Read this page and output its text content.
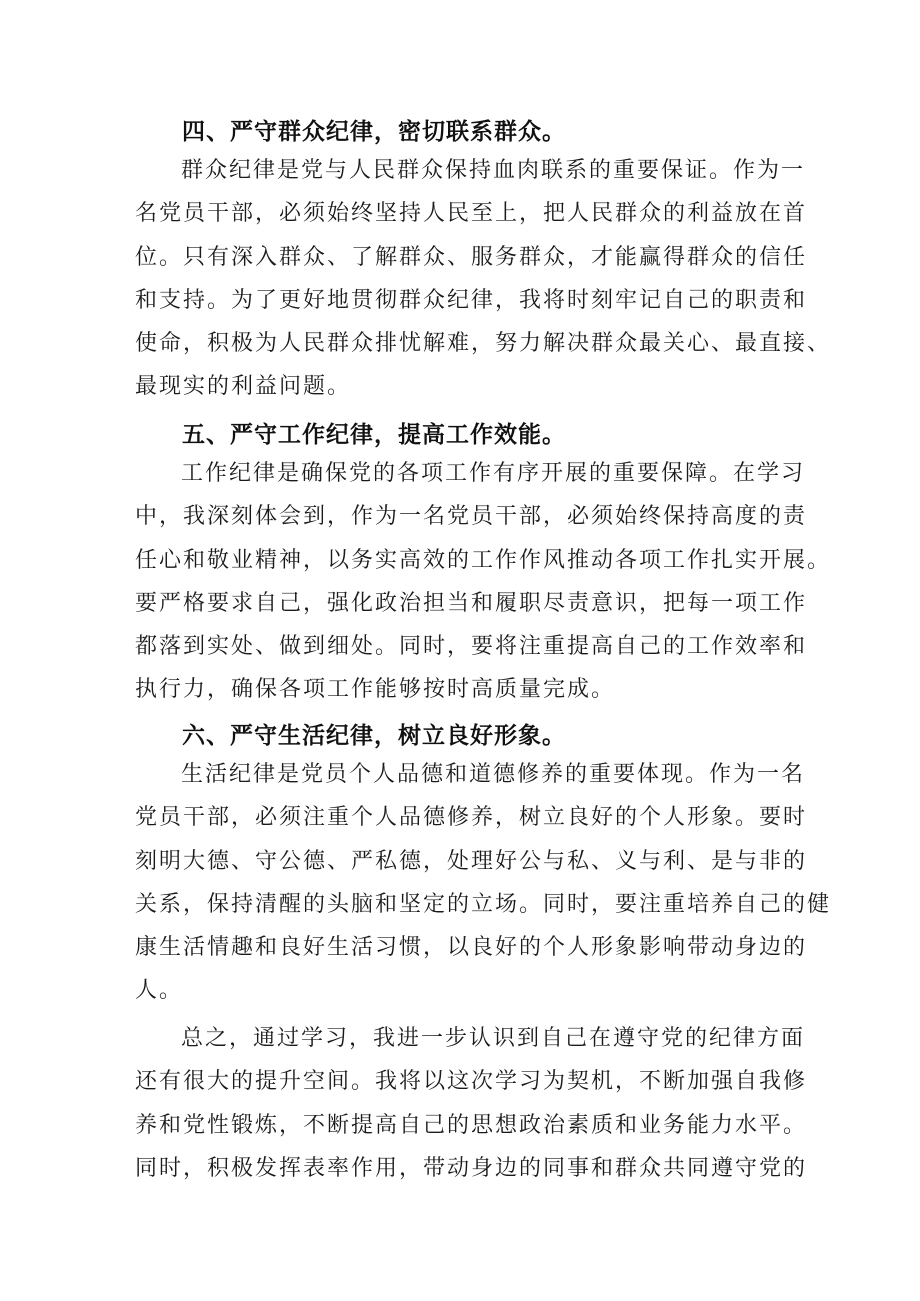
四、严守群众纪律，密切联系群众。
群众纪律是党与人民群众保持血肉联系的重要保证。作为一
名党员干部，必须始终坚持人民至上，把人民群众的利益放在首
位。只有深入群众、了解群众、服务群众，才能赢得群众的信任
和支持。为了更好地贯彻群众纪律，我将时刻牢记自己的职责和
使命，积极为人民群众排忧解难，努力解决群众最关心、最直接、
最现实的利益问题。
五、严守工作纪律，提高工作效能。
工作纪律是确保党的各项工作有序开展的重要保障。在学习
中，我深刻体会到，作为一名党员干部，必须始终保持高度的责
任心和敬业精神，以务实高效的工作作风推动各项工作扎实开展。
要严格要求自己，强化政治担当和履职尽责意识，把每一项工作
都落到实处、做到细处。同时，要将注重提高自己的工作效率和
执行力，确保各项工作能够按时高质量完成。
六、严守生活纪律，树立良好形象。
生活纪律是党员个人品德和道德修养的重要体现。作为一名
党员干部，必须注重个人品德修养，树立良好的个人形象。要时
刻明大德、守公德、严私德，处理好公与私、义与利、是与非的
关系，保持清醒的头脑和坚定的立场。同时，要注重培养自己的健
康生活情趣和良好生活习惯，以良好的个人形象影响带动身边的
人。
总之，通过学习，我进一步认识到自己在遵守党的纪律方面
还有很大的提升空间。我将以这次学习为契机，不断加强自我修
养和党性锻炼，不断提高自己的思想政治素质和业务能力水平。
同时，积极发挥表率作用，带动身边的同事和群众共同遵守党的
